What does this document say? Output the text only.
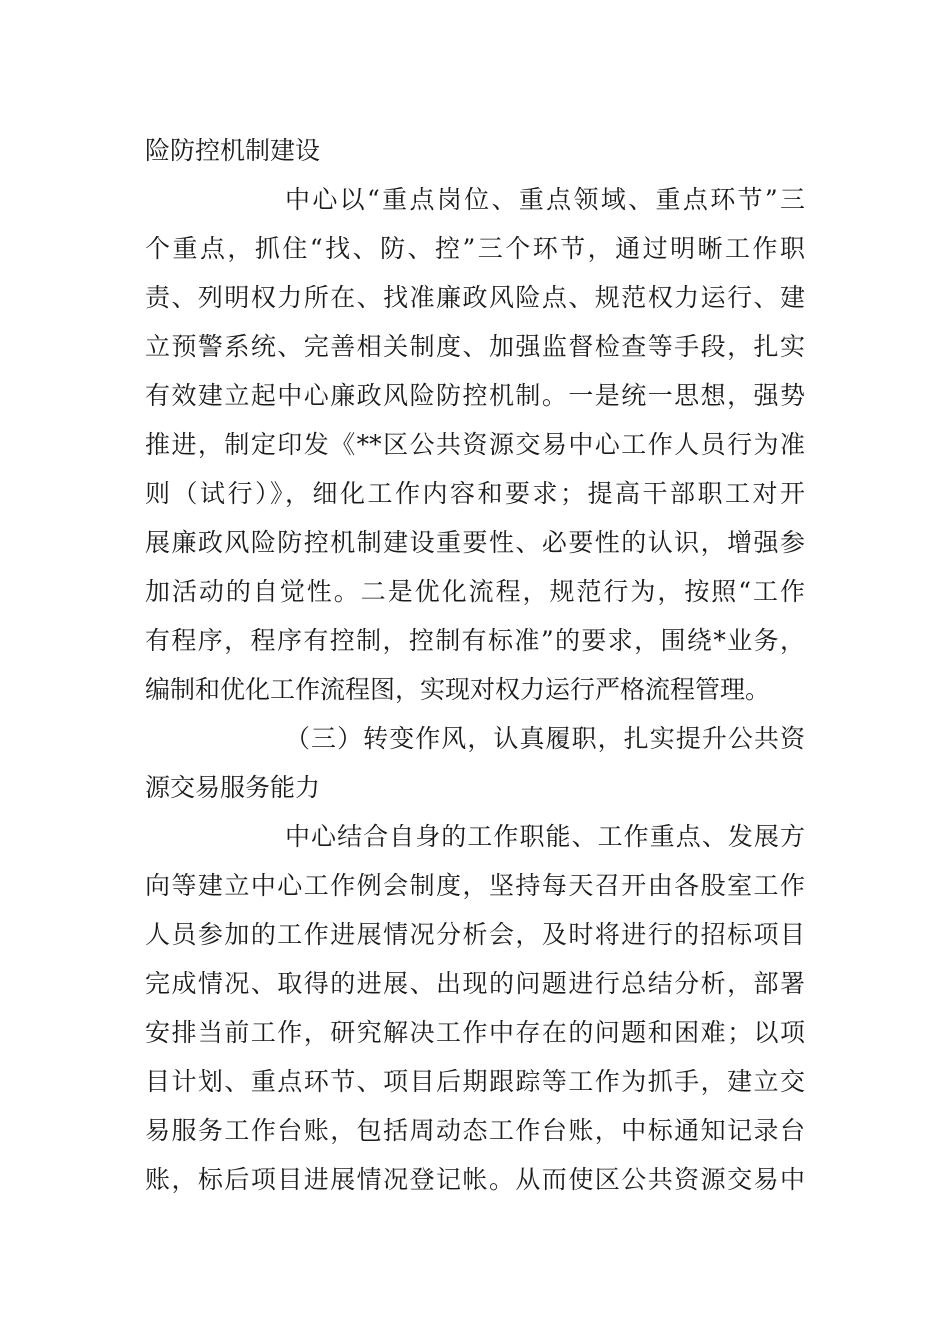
险防控机制建设
中心以“重点岗位、重点领域、重点环节”三
个重点，抓住“找、防、控”三个环节，通过明晰工作职
责、列明权力所在、找准廉政风险点、规范权力运行、建
立预警系统、完善相关制度、加强监督检查等手段，扎实
有效建立起中心廉政风险防控机制。一是统一思想，强势
推进，制定印发《**区公共资源交易中心工作人员行为准
则（试行）》，细化工作内容和要求；提高干部职工对开
展廉政风险防控机制建设重要性、必要性的认识，增强参
加活动的自觉性。二是优化流程，规范行为，按照“工作
有程序，程序有控制，控制有标准”的要求，围绕*业务，
编制和优化工作流程图，实现对权力运行严格流程管理。
（三）转变作风，认真履职，扎实提升公共资
源交易服务能力
中心结合自身的工作职能、工作重点、发展方
向等建立中心工作例会制度，坚持每天召开由各股室工作
人员参加的工作进展情况分析会，及时将进行的招标项目
完成情况、取得的进展、出现的问题进行总结分析，部署
安排当前工作，研究解决工作中存在的问题和困难；以项
目计划、重点环节、项目后期跟踪等工作为抓手，建立交
易服务工作台账，包括周动态工作台账，中标通知记录台
账，标后项目进展情况登记帐。从而使区公共资源交易中
